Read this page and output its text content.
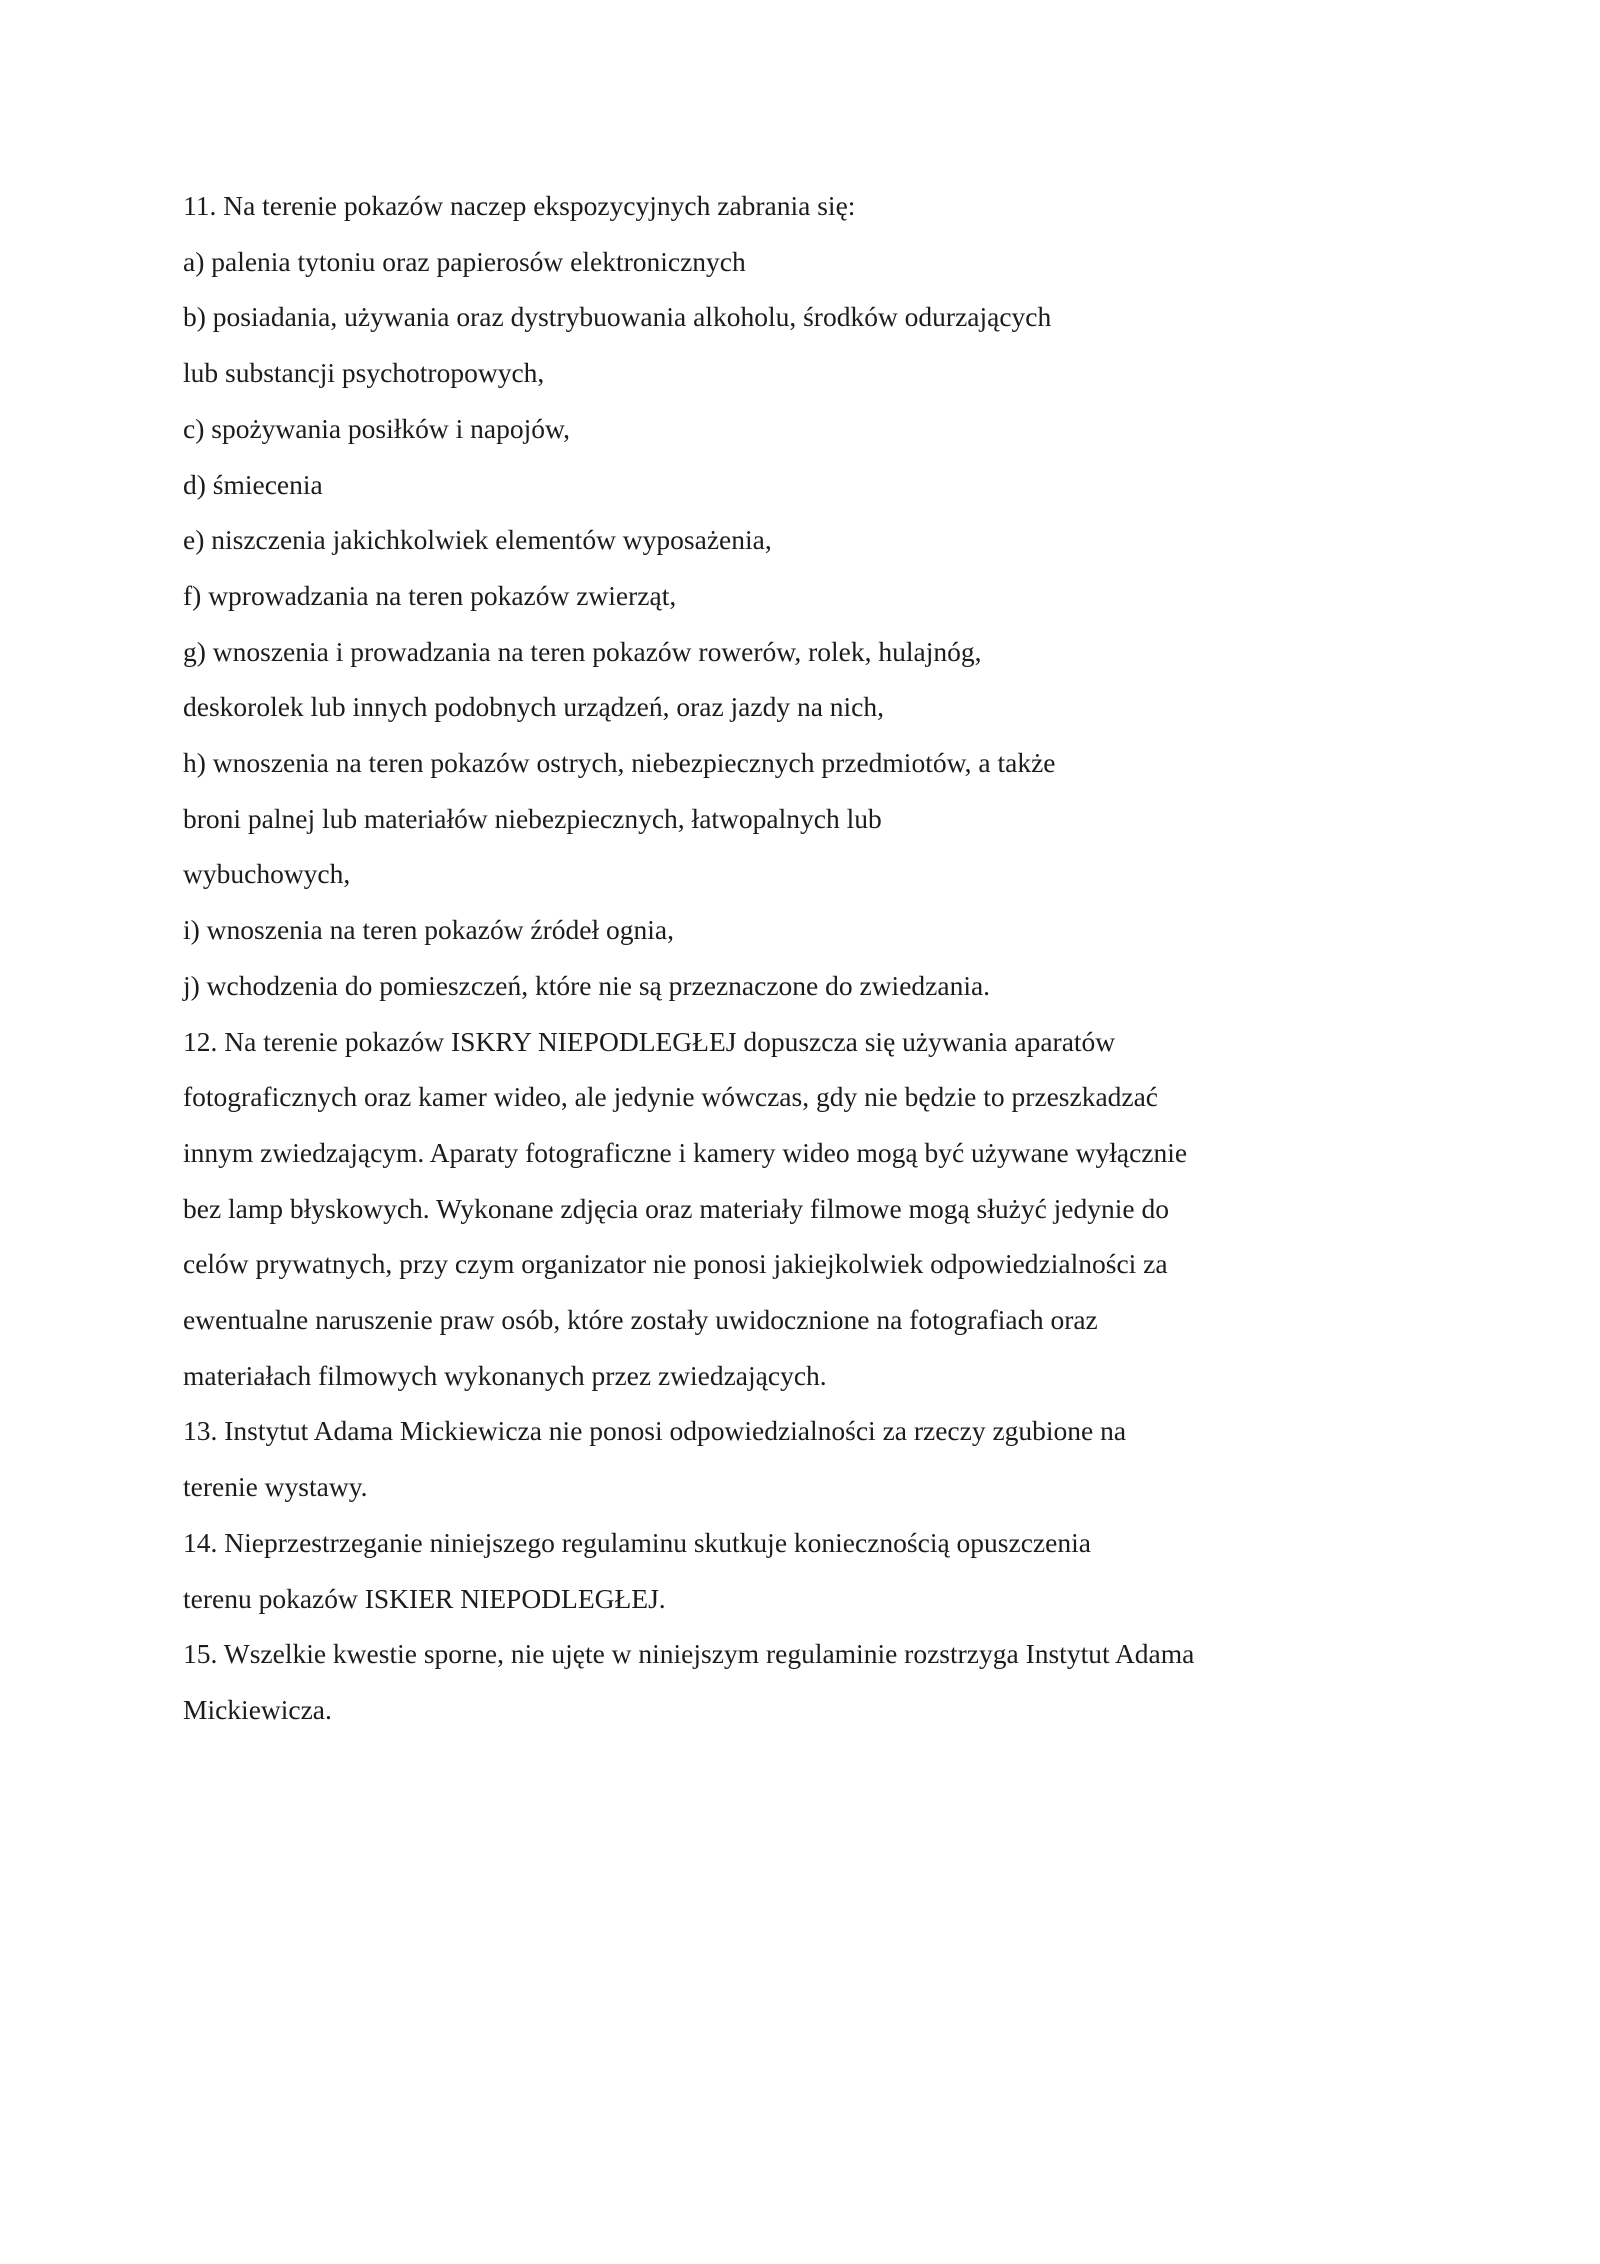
11. Na terenie pokazów naczep ekspozycyjnych zabrania się:
a) palenia tytoniu oraz papierosów elektronicznych
b) posiadania, używania oraz dystrybuowania alkoholu, środków odurzających
lub substancji psychotropowych,
c) spożywania posiłków i napojów,
d) śmiecenia
e) niszczenia jakichkolwiek elementów wyposażenia,
f) wprowadzania na teren pokazów zwierząt,
g) wnoszenia i prowadzania na teren pokazów rowerów, rolek, hulajnóg,
deskorolek lub innych podobnych urządzeń, oraz jazdy na nich,
h) wnoszenia na teren pokazów ostrych, niebezpiecznych przedmiotów, a także
broni palnej lub materiałów niebezpiecznych, łatwopalnych lub
wybuchowych,
i) wnoszenia na teren pokazów źródeł ognia,
j) wchodzenia do pomieszczeń, które nie są przeznaczone do zwiedzania.
12. Na terenie pokazów ISKRY NIEPODLEGŁEJ dopuszcza się używania aparatów
fotograficznych oraz kamer wideo, ale jedynie wówczas, gdy nie będzie to przeszkadzać
innym zwiedzającym. Aparaty fotograficzne i kamery wideo mogą być używane wyłącznie
bez lamp błyskowych. Wykonane zdjęcia oraz materiały filmowe mogą służyć jedynie do
celów prywatnych, przy czym organizator nie ponosi jakiejkolwiek odpowiedzialności za
ewentualne naruszenie praw osób, które zostały uwidocznione na fotografiach oraz
materiałach filmowych wykonanych przez zwiedzających.
13. Instytut Adama Mickiewicza nie ponosi odpowiedzialności za rzeczy zgubione na
terenie wystawy.
14. Nieprzestrzeganie niniejszego regulaminu skutkuje koniecznością opuszczenia
terenu pokazów ISKIER NIEPODLEGŁEJ.
15. Wszelkie kwestie sporne, nie ujęte w niniejszym regulaminie rozstrzyga Instytut Adama
Mickiewicza.
